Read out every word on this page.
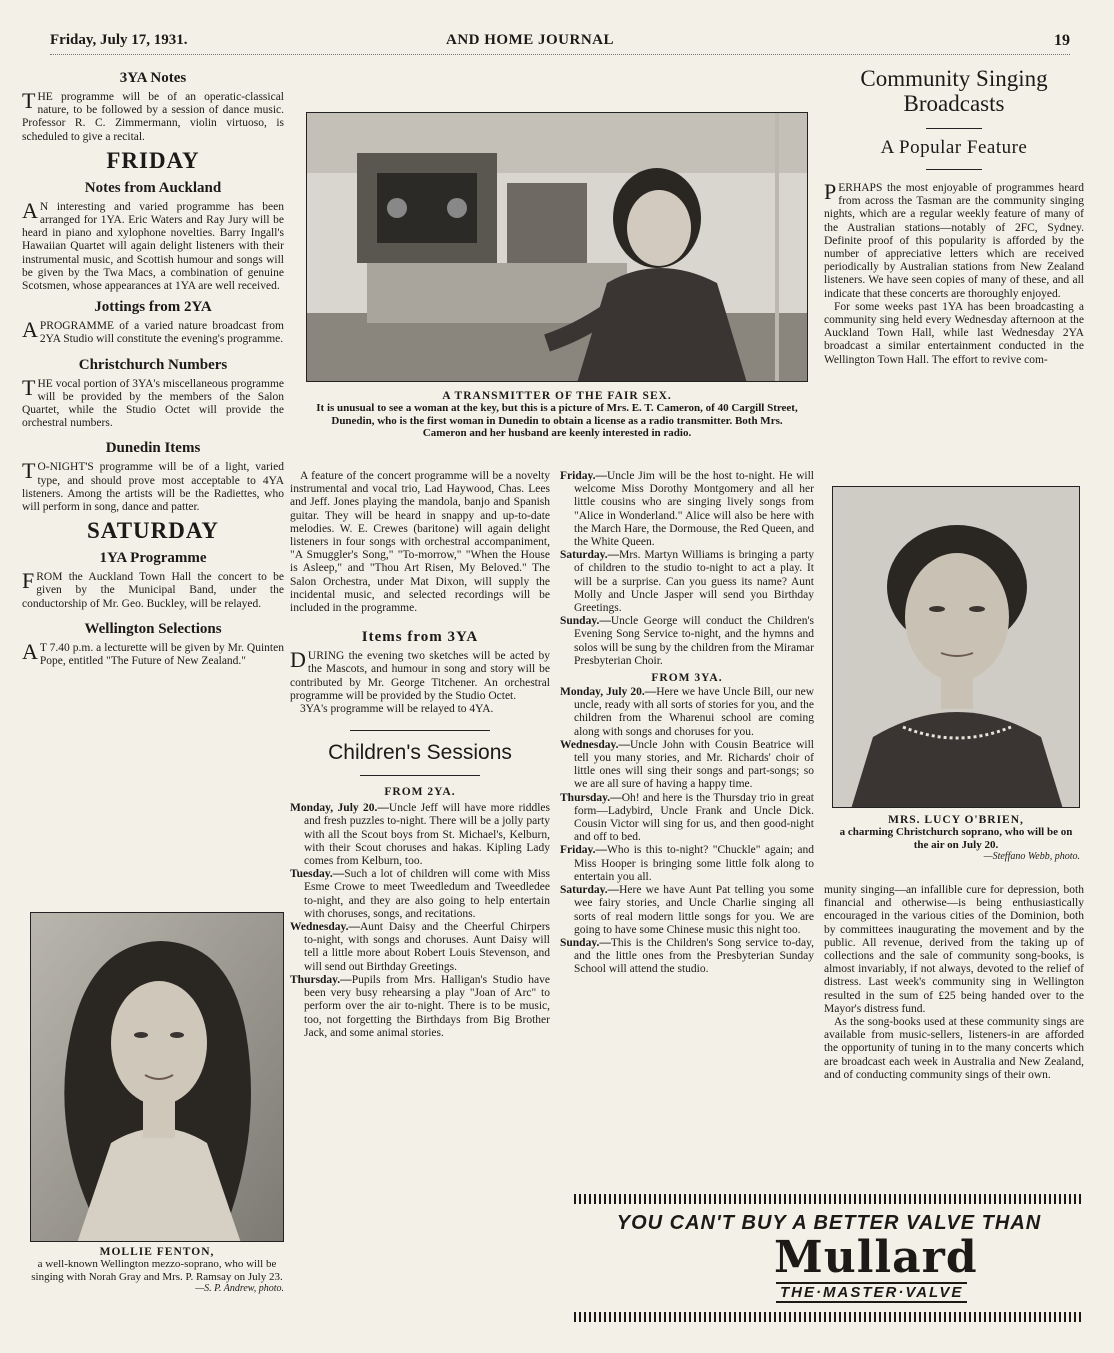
Friday, July 17, 1931.	AND HOME JOURNAL	19
3YA Notes
THE programme will be of an operatic-classical nature, to be followed by a session of dance music. Professor R. C. Zimmermann, violin virtuoso, is scheduled to give a recital.
FRIDAY
Notes from Auckland
AN interesting and varied programme has been arranged for 1YA. Eric Waters and Ray Jury will be heard in piano and xylophone novelties. Barry Ingall's Hawaiian Quartet will again delight listeners with their instrumental music, and Scottish humour and songs will be given by the Twa Macs, a combination of genuine Scotsmen, whose appearances at 1YA are well received.
Jottings from 2YA
APROGRAMME of a varied nature broadcast from 2YA Studio will constitute the evening's programme.
Christchurch Numbers
THE vocal portion of 3YA's miscellaneous programme will be provided by the members of the Salon Quartet, while the Studio Octet will provide the orchestral numbers.
Dunedin Items
TO-NIGHT'S programme will be of a light, varied type, and should prove most acceptable to 4YA listeners. Among the artists will be the Radiettes, who will perform in song, dance and patter.
SATURDAY
1YA Programme
FROM the Auckland Town Hall the concert to be given by the Municipal Band, under the conductorship of Mr. Geo. Buckley, will be relayed.
Wellington Selections
AT 7.40 p.m. a lecturette will be given by Mr. Quinten Pope, entitled "The Future of New Zealand."
MOLLIE FENTON,
a well-known Wellington mezzo-soprano, who will be singing with Norah Gray and Mrs. P. Ramsay on July 23.
—S. P. Andrew, photo.
A TRANSMITTER OF THE FAIR SEX.
It is unusual to see a woman at the key, but this is a picture of Mrs. E. T. Cameron, of 40 Cargill Street, Dunedin, who is the first woman in Dunedin to obtain a license as a radio transmitter. Both Mrs. Cameron and her husband are keenly interested in radio.
A feature of the concert programme will be a novelty instrumental and vocal trio, Lad Haywood, Chas. Lees and Jeff. Jones playing the mandola, banjo and Spanish guitar. They will be heard in snappy and up-to-date melodies. W. E. Crewes (baritone) will again delight listeners in four songs with orchestral accompaniment, "A Smuggler's Song," "To-morrow," "When the House is Asleep," and "Thou Art Risen, My Beloved." The Salon Orchestra, under Mat Dixon, will supply the incidental music, and selected recordings will be included in the programme.
Items from 3YA
DURING the evening two sketches will be acted by the Mascots, and humour in song and story will be contributed by Mr. George Titchener. An orchestral programme will be provided by the Studio Octet.
3YA's programme will be relayed to 4YA.
Children's Sessions
FROM 2YA.
Monday, July 20.—Uncle Jeff will have more riddles and fresh puzzles to-night. There will be a jolly party with all the Scout boys from St. Michael's, Kelburn, with their Scout choruses and hakas. Kipling Lady comes from Kelburn, too.
Tuesday.—Such a lot of children will come with Miss Esme Crowe to meet Tweedledum and Tweedledee to-night, and they are also going to help entertain with choruses, songs, and recitations.
Wednesday.—Aunt Daisy and the Cheerful Chirpers to-night, with songs and choruses. Aunt Daisy will tell a little more about Robert Louis Stevenson, and will send out Birthday Greetings.
Thursday.—Pupils from Mrs. Halligan's Studio have been very busy rehearsing a play "Joan of Arc" to perform over the air to-night. There is to be music, too, not forgetting the Birthdays from Big Brother Jack, and some animal stories.
Friday.—Uncle Jim will be the host to-night. He will welcome Miss Dorothy Montgomery and all her little cousins who are singing lively songs from "Alice in Wonderland." Alice will also be here with the March Hare, the Dormouse, the Red Queen, and the White Queen.
Saturday.—Mrs. Martyn Williams is bringing a party of children to the studio to-night to act a play. It will be a surprise. Can you guess its name? Aunt Molly and Uncle Jasper will send you Birthday Greetings.
Sunday.—Uncle George will conduct the Children's Evening Song Service to-night, and the hymns and solos will be sung by the children from the Miramar Presbyterian Choir.
FROM 3YA.
Monday, July 20.—Here we have Uncle Bill, our new uncle, ready with all sorts of stories for you, and the children from the Wharenui school are coming along with songs and choruses for you.
Wednesday.—Uncle John with Cousin Beatrice will tell you many stories, and Mr. Richards' choir of little ones will sing their songs and part-songs; so we are all sure of having a happy time.
Thursday.—Oh! and here is the Thursday trio in great form—Ladybird, Uncle Frank and Uncle Dick. Cousin Victor will sing for us, and then good-night and off to bed.
Friday.—Who is this to-night? "Chuckle" again; and Miss Hooper is bringing some little folk along to entertain you all.
Saturday.—Here we have Aunt Pat telling you some wee fairy stories, and Uncle Charlie singing all sorts of real modern little songs for you. We are going to have some Chinese music this night too.
Sunday.—This is the Children's Song service to-day, and the little ones from the Presbyterian Sunday School will attend the studio.
Community Singing
Broadcasts
A Popular Feature
PERHAPS the most enjoyable of programmes heard from across the Tasman are the community singing nights, which are a regular weekly feature of many of the Australian stations—notably of 2FC, Sydney. Definite proof of this popularity is afforded by the number of appreciative letters which are received periodically by Australian stations from New Zealand listeners. We have seen copies of many of these, and all indicate that these concerts are thoroughly enjoyed.
For some weeks past 1YA has been broadcasting a community sing held every Wednesday afternoon at the Auckland Town Hall, while last Wednesday 2YA broadcast a similar entertainment conducted in the Wellington Town Hall. The effort to revive com-
MRS. LUCY O'BRIEN,
a charming Christchurch soprano, who will be on the air on July 20.
—Steffano Webb, photo.
munity singing—an infallible cure for depression, both financial and otherwise—is being enthusiastically encouraged in the various cities of the Dominion, both by committees inaugurating the movement and by the public. All revenue, derived from the taking up of collections and the sale of community song-books, is almost invariably, if not always, devoted to the relief of distress. Last week's community sing in Wellington resulted in the sum of £25 being handed over to the Mayor's distress fund.
As the song-books used at these community sings are available from music-sellers, listeners-in are afforded the opportunity of tuning in to the many concerts which are broadcast each week in Australia and New Zealand, and of conducting community sings of their own.
YOU CAN'T BUY A BETTER VALVE THAN
Mullard
THE·MASTER·VALVE
